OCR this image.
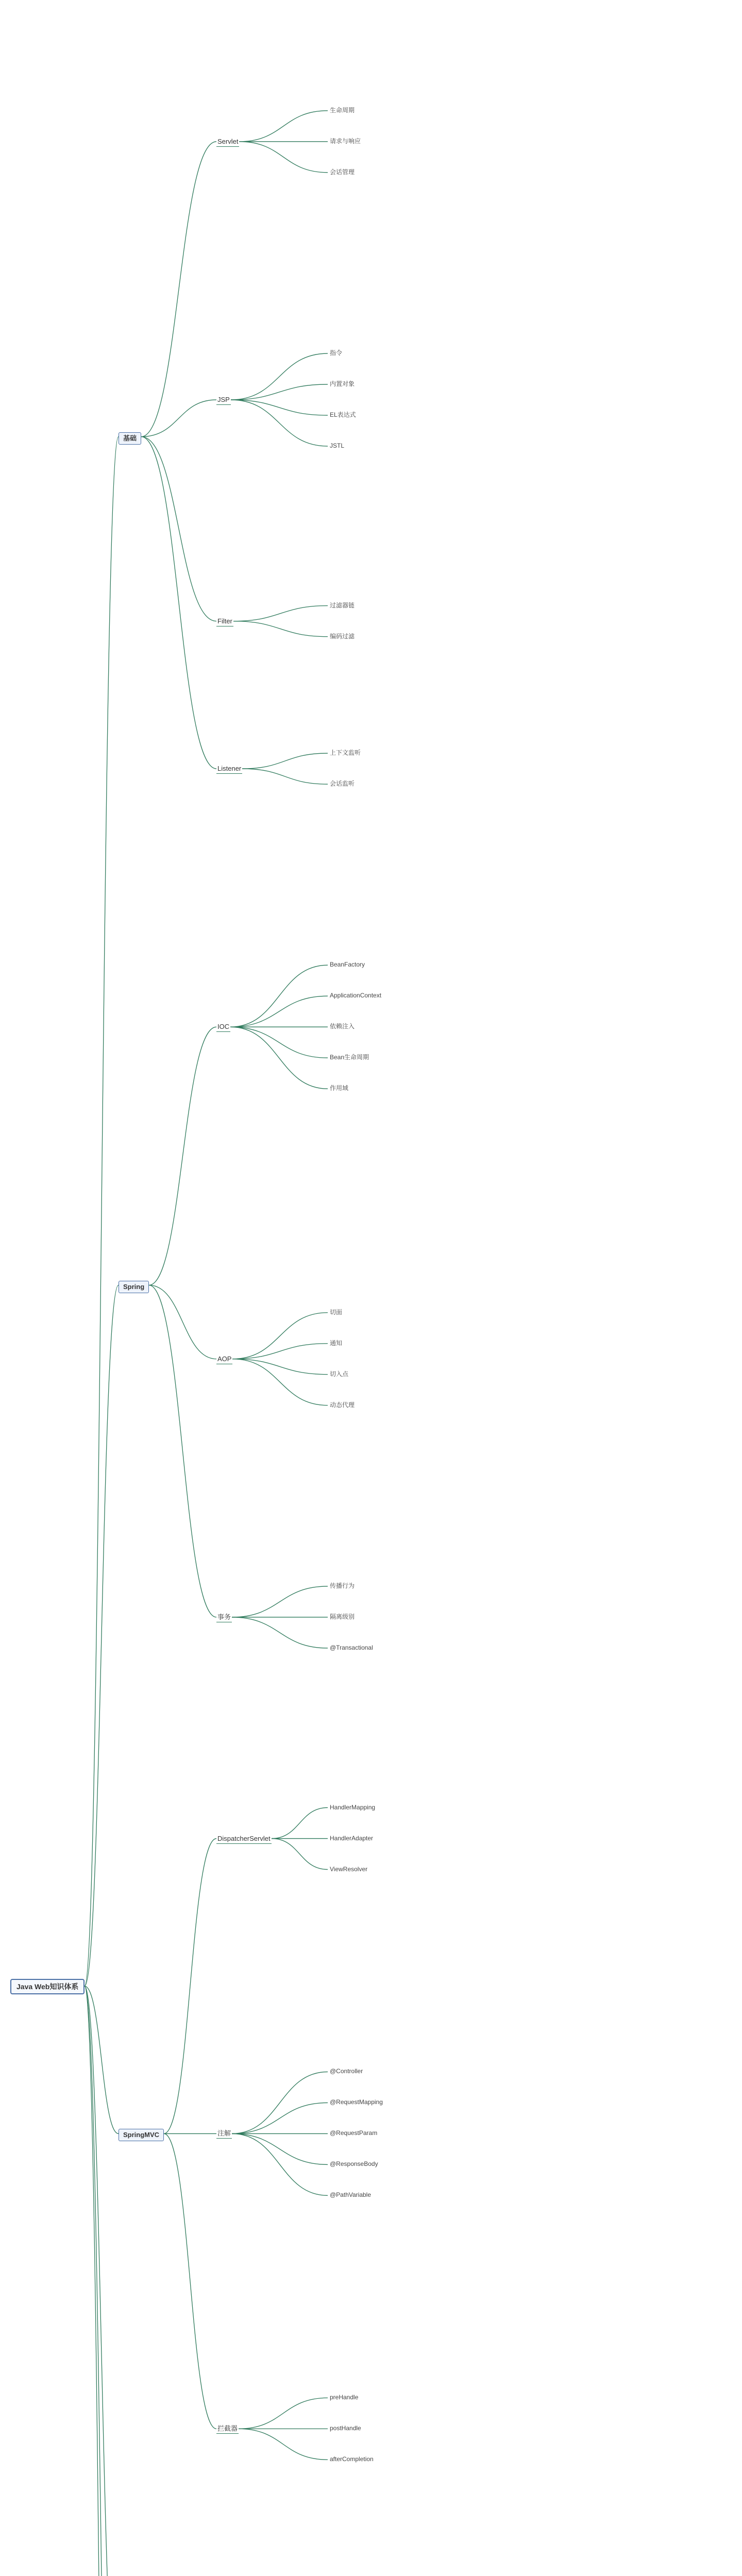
Java Web知识体系
基础
Servlet
生命周期
请求与响应
会话管理
JSP
指令
内置对象
EL表达式
JSTL
Filter
过滤器链
编码过滤
Listener
上下文监听
会话监听
Spring
IOC
BeanFactory
ApplicationContext
依赖注入
Bean生命周期
作用域
AOP
切面
通知
切入点
动态代理
事务
传播行为
隔离级别
@Transactional
SpringMVC
DispatcherServlet
HandlerMapping
HandlerAdapter
ViewResolver
注解
@Controller
@RequestMapping
@RequestParam
@ResponseBody
@PathVariable
拦截器
preHandle
postHandle
afterCompletion
